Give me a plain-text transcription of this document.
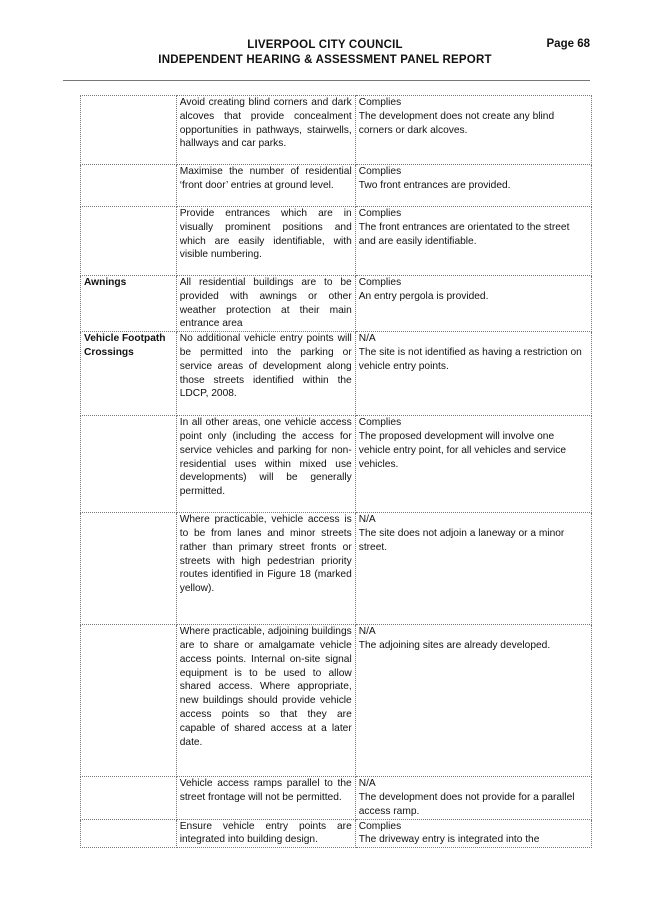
LIVERPOOL CITY COUNCIL
INDEPENDENT HEARING & ASSESSMENT PANEL REPORT
Page 68
	Avoid creating blind corners and dark alcoves that provide concealment opportunities in pathways, stairwells, hallways and car parks.	Complies
The development does not create any blind corners or dark alcoves.
	Maximise the number of residential ‘front door’ entries at ground level.	Complies
Two front entrances are provided.
	Provide entrances which are in visually prominent positions and which are easily identifiable, with visible numbering.	Complies
The front entrances are orientated to the street and are easily identifiable.
Awnings	All residential buildings are to be provided with awnings or other weather protection at their main entrance area	Complies
An entry pergola is provided.
Vehicle Footpath Crossings	No additional vehicle entry points will be permitted into the parking or service areas of development along those streets identified within the LDCP, 2008.	N/A
The site is not identified as having a restriction on vehicle entry points.
	In all other areas, one vehicle access point only (including the access for service vehicles and parking for non-residential uses within mixed use developments) will be generally permitted.	Complies
The proposed development will involve one vehicle entry point, for all vehicles and service vehicles.
	Where practicable, vehicle access is to be from lanes and minor streets rather than primary street fronts or streets with high pedestrian priority routes identified in Figure 18 (marked yellow).	N/A
The site does not adjoin a laneway or a minor street.
	Where practicable, adjoining buildings are to share or amalgamate vehicle access points. Internal on-site signal equipment is to be used to allow shared access. Where appropriate, new buildings should provide vehicle access points so that they are capable of shared access at a later date.	N/A
The adjoining sites are already developed.
	Vehicle access ramps parallel to the street frontage will not be permitted.	N/A
The development does not provide for a parallel access ramp.
	Ensure vehicle entry points are integrated into building design.	Complies
The driveway entry is integrated into the
